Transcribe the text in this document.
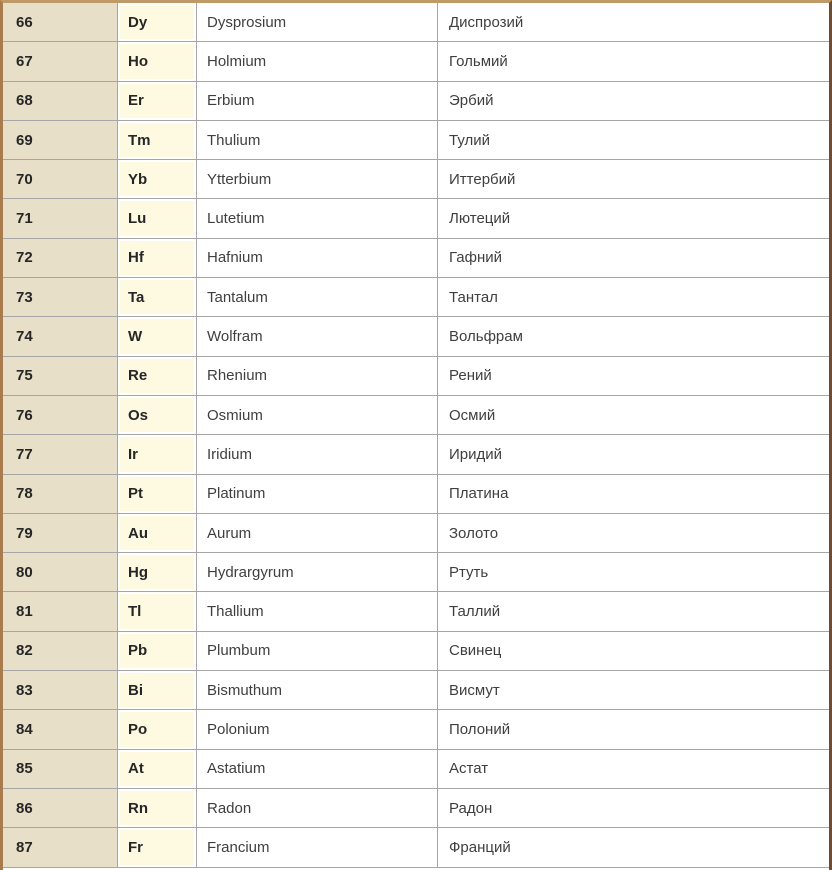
66	Dy	Dysprosium	Диспрозий
67	Ho	Holmium	Гольмий
68	Er	Erbium	Эрбий
69	Tm	Thulium	Тулий
70	Yb	Ytterbium	Иттербий
71	Lu	Lutetium	Лютеций
72	Hf	Hafnium	Гафний
73	Ta	Tantalum	Тантал
74	W	Wolfram	Вольфрам
75	Re	Rhenium	Рений
76	Os	Osmium	Осмий
77	Ir	Iridium	Иридий
78	Pt	Platinum	Платина
79	Au	Aurum	Золото
80	Hg	Hydrargyrum	Ртуть
81	Tl	Thallium	Таллий
82	Pb	Plumbum	Свинец
83	Bi	Bismuthum	Висмут
84	Po	Polonium	Полоний
85	At	Astatium	Астат
86	Rn	Radon	Радон
87	Fr	Francium	Франций
